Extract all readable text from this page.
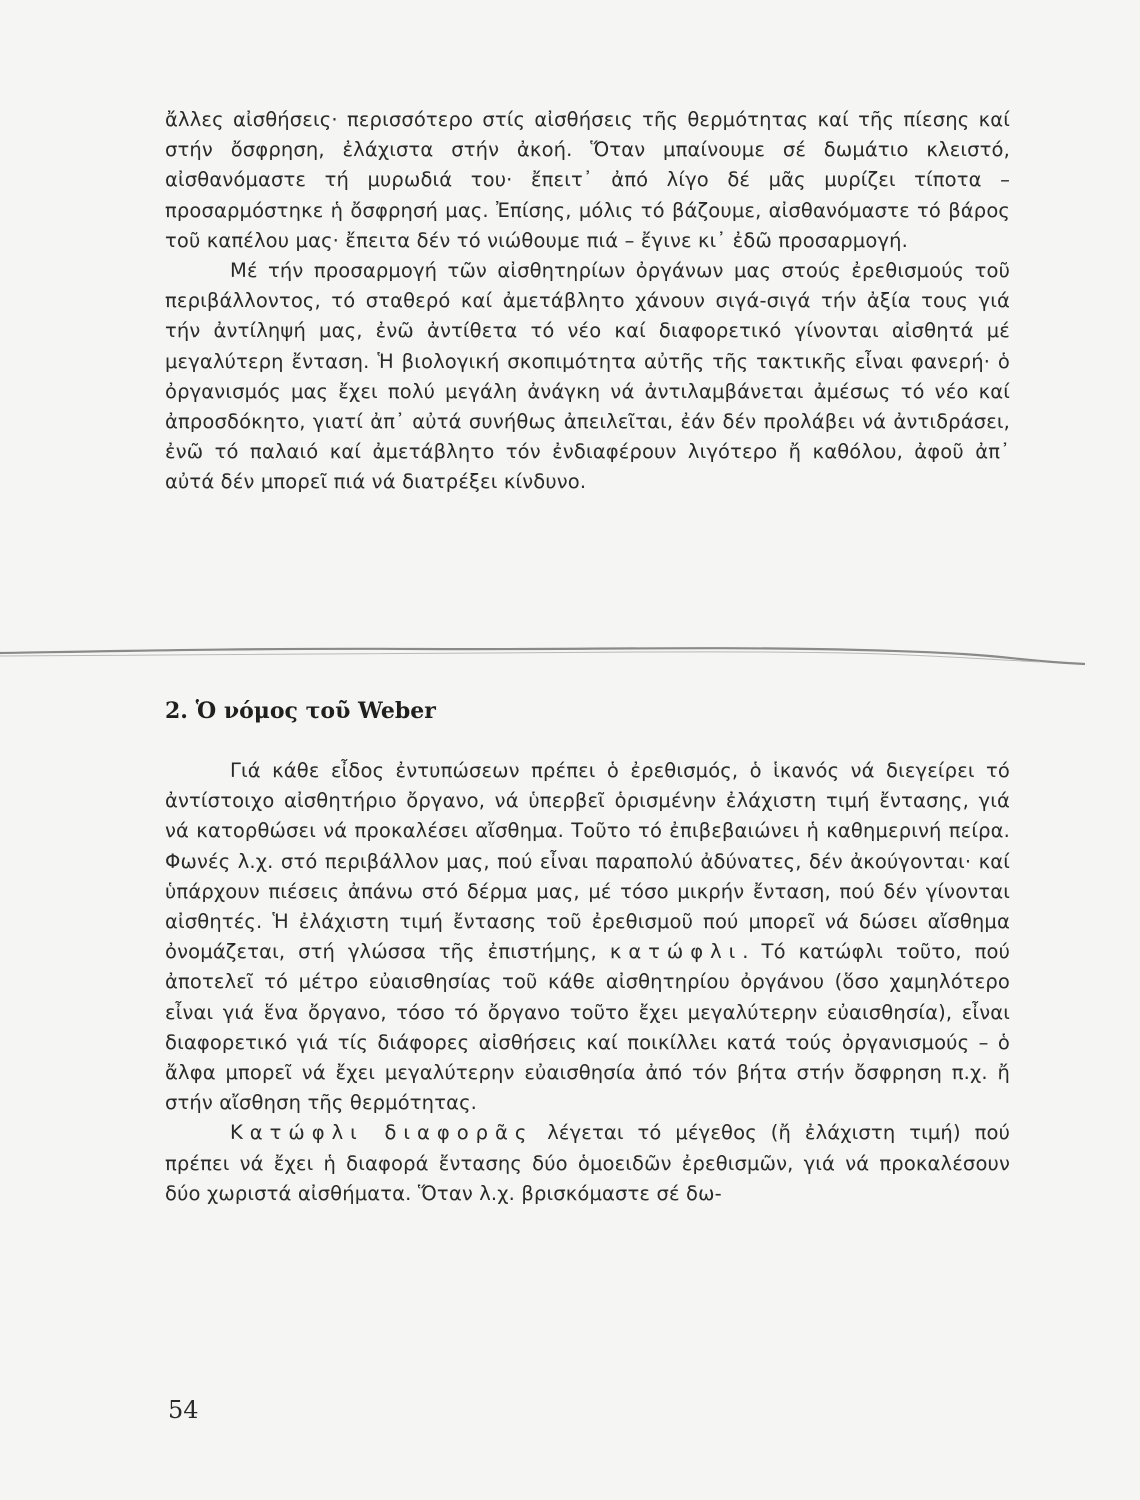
ἄλλες αἰσθήσεις· περισσότερο στίς αἰσθήσεις τῆς θερμότητας καί τῆς πίεσης καί στήν ὄσφρηση, ἐλάχιστα στήν ἀκοή. Ὅταν μπαίνουμε σέ δωμάτιο κλειστό, αἰσθανόμαστε τή μυρωδιά του· ἔπειτ᾽ ἀπό λίγο δέ μᾶς μυρίζει τίποτα – προσαρμόστηκε ἡ ὄσφρησή μας. Ἐπίσης, μόλις τό βάζουμε, αἰσθανόμαστε τό βάρος τοῦ καπέλου μας· ἔπειτα δέν τό νιώθουμε πιά – ἔγινε κι᾽ ἐδῶ προσαρμογή.

Μέ τήν προσαρμογή τῶν αἰσθητηρίων ὀργάνων μας στούς ἐρεθισμούς τοῦ περιβάλλοντος, τό σταθερό καί ἀμετάβλητο χάνουν σιγά-σιγά τήν ἀξία τους γιά τήν ἀντίληψή μας, ἐνῶ ἀντίθετα τό νέο καί διαφορετικό γίνονται αἰσθητά μέ μεγαλύτερη ἔνταση. Ἡ βιολογική σκοπιμότητα αὐτῆς τῆς τακτικῆς εἶναι φανερή· ὁ ὀργανισμός μας ἔχει πολύ μεγάλη ἀνάγκη νά ἀντιλαμβάνεται ἀμέσως τό νέο καί ἀπροσδόκητο, γιατί ἀπ᾽ αὐτά συνήθως ἀπειλεῖται, ἐάν δέν προλάβει νά ἀντιδράσει, ἐνῶ τό παλαιό καί ἀμετάβλητο τόν ἐνδιαφέρουν λιγότερο ἤ καθόλου, ἀφοῦ ἀπ᾽ αὐτά δέν μπορεῖ πιά νά διατρέξει κίνδυνο.

2. Ὁ νόμος τοῦ Weber

Γιά κάθε εἶδος ἐντυπώσεων πρέπει ὁ ἐρεθισμός, ὁ ἱκανός νά διεγείρει τό ἀντίστοιχο αἰσθητήριο ὄργανο, νά ὑπερβεῖ ὁρισμένην ἐλάχιστη τιμή ἔντασης, γιά νά κατορθώσει νά προκαλέσει αἴσθημα. Τοῦτο τό ἐπιβεβαιώνει ἡ καθημερινή πείρα. Φωνές λ.χ. στό περιβάλλον μας, πού εἶναι παραπολύ ἀδύνατες, δέν ἀκούγονται· καί ὑπάρχουν πιέσεις ἀπάνω στό δέρμα μας, μέ τόσο μικρήν ἔνταση, πού δέν γίνονται αἰσθητές. Ἡ ἐλάχιστη τιμή ἔντασης τοῦ ἐρεθισμοῦ πού μπορεῖ νά δώσει αἴσθημα ὀνομάζεται, στή γλώσσα τῆς ἐπιστήμης, κατώφλι. Τό κατώφλι τοῦτο, πού ἀποτελεῖ τό μέτρο εὐαισθησίας τοῦ κάθε αἰσθητηρίου ὀργάνου (ὅσο χαμηλότερο εἶναι γιά ἕνα ὄργανο, τόσο τό ὄργανο τοῦτο ἔχει μεγαλύτερην εὐαισθησία), εἶναι διαφορετικό γιά τίς διάφορες αἰσθήσεις καί ποικίλλει κατά τούς ὀργανισμούς – ὁ ἄλφα μπορεῖ νά ἔχει μεγαλύτερην εὐαισθησία ἀπό τόν βήτα στήν ὄσφρηση π.χ. ἤ στήν αἴσθηση τῆς θερμότητας.

Κατώφλι διαφορᾶς λέγεται τό μέγεθος (ἤ ἐλάχιστη τιμή) πού πρέπει νά ἔχει ἡ διαφορά ἔντασης δύο ὁμοειδῶν ἐρεθισμῶν, γιά νά προκαλέσουν δύο χωριστά αἰσθήματα. Ὅταν λ.χ. βρισκόμαστε σέ δω-

54
